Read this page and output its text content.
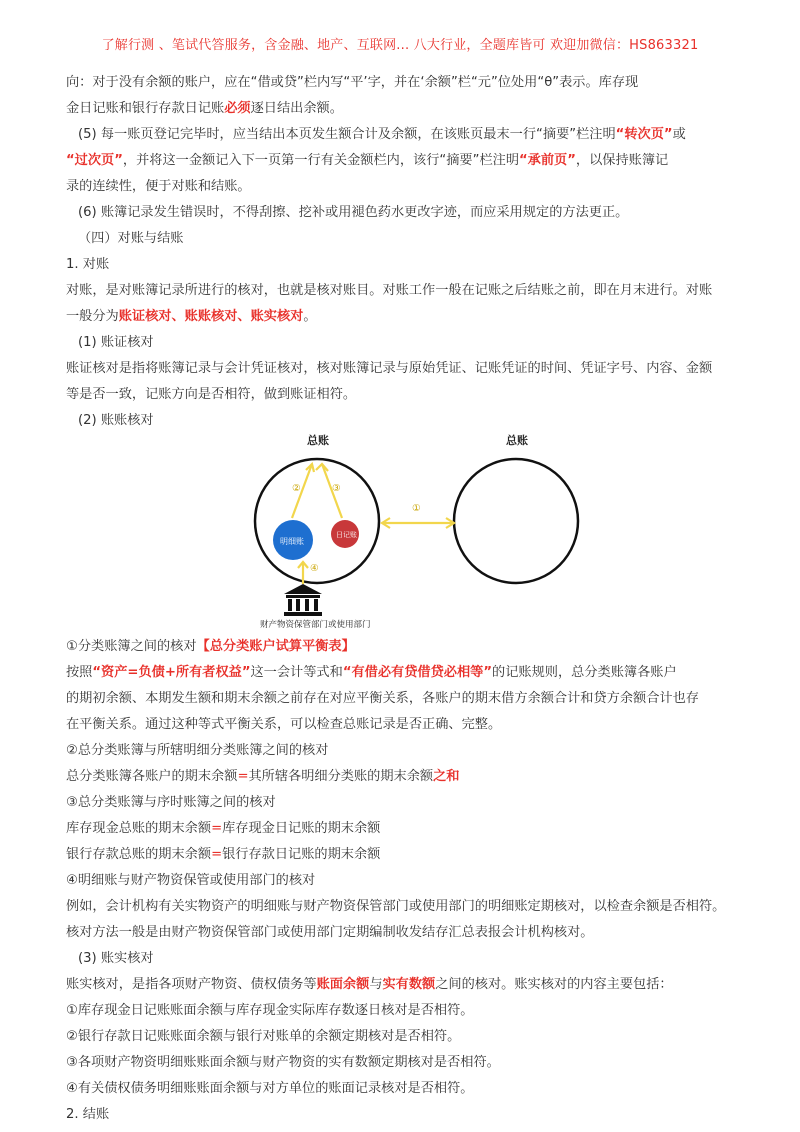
了解行测 、笔试代答服务，含金融、地产、互联网... 八大行业，全题库皆可 欢迎加微信：HS863321

向：对于没有余额的账户，应在“借或贷”栏内写“平’字，并在‘余额”栏“元”位处用“θ”表示。库存现

金日记账和银行存款日记账必须逐日结出余额。

(5) 每一账页登记完毕时，应当结出本页发生额合计及余额，在该账页最末一行“摘要”栏注明“转次页”或

“过次页”，并将这一金额记入下一页第一行有关金额栏内，该行“摘要”栏注明“承前页”，以保持账簿记

录的连续性，便于对账和结账。

(6) 账簿记录发生错误时，不得刮擦、挖补或用褪色药水更改字迹，而应采用规定的方法更正。

（四）对账与结账

1. 对账

对账，是对账簿记录所进行的核对，也就是核对账目。对账工作一般在记账之后结账之前，即在月末进行。对账

一般分为账证核对、账账核对、账实核对。

(1) 账证核对

账证核对是指将账簿记录与会计凭证核对，核对账簿记录与原始凭证、记账凭证的时间、凭证字号、内容、金额

等是否一致，记账方向是否相符，做到账证相符。

(2) 账账核对

总账	总账
明细账
日记账
②	③
①
④
财产物资保管部门或使用部门

①分类账簿之间的核对【总分类账户试算平衡表】

按照“资产=负债+所有者权益”这一会计等式和“有借必有贷借贷必相等”的记账规则，总分类账簿各账户

的期初余额、本期发生额和期末余额之前存在对应平衡关系，各账户的期末借方余额合计和贷方余额合计也存

在平衡关系。通过这种等式平衡关系，可以检查总账记录是否正确、完整。

②总分类账簿与所辖明细分类账簿之间的核对

总分类账簿各账户的期末余额=其所辖各明细分类账的期末余额之和

③总分类账簿与序时账簿之间的核对

库存现金总账的期末余额=库存现金日记账的期末余额

银行存款总账的期末余额=银行存款日记账的期末余额

④明细账与财产物资保管或使用部门的核对

例如，会计机构有关实物资产的明细账与财产物资保管部门或使用部门的明细账定期核对，以检查余额是否相符。

核对方法一般是由财产物资保管部门或使用部门定期编制收发结存汇总表报会计机构核对。

(3) 账实核对

账实核对，是指各项财产物资、债权债务等账面余额与实有数额之间的核对。账实核对的内容主要包括：

①库存现金日记账账面余额与库存现金实际库存数逐日核对是否相符。

②银行存款日记账账面余额与银行对账单的余额定期核对是否相符。

③各项财产物资明细账账面余额与财产物资的实有数额定期核对是否相符。

④有关债权债务明细账账面余额与对方单位的账面记录核对是否相符。

2. 结账
